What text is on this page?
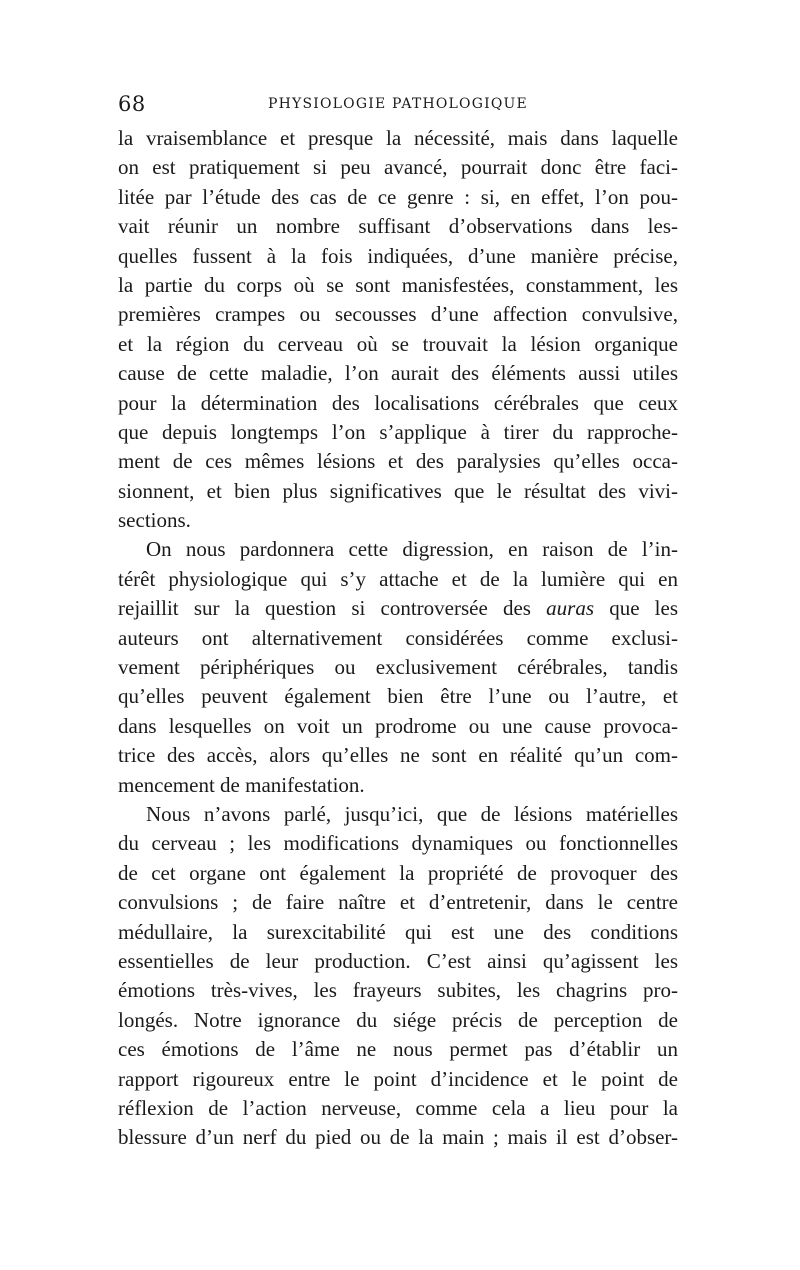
68	PHYSIOLOGIE PATHOLOGIQUE
la vraisemblance et presque la nécessité, mais dans laquelle
on est pratiquement si peu avancé, pourrait donc être faci-
litée par l’étude des cas de ce genre : si, en effet, l’on pou-
vait réunir un nombre suffisant d’observations dans les-
quelles fussent à la fois indiquées, d’une manière précise,
la partie du corps où se sont manisfestées, constamment, les
premières crampes ou secousses d’une affection convulsive,
et la région du cerveau où se trouvait la lésion organique
cause de cette maladie, l’on aurait des éléments aussi utiles
pour la détermination des localisations cérébrales que ceux
que depuis longtemps l’on s’applique à tirer du rapproche-
ment de ces mêmes lésions et des paralysies qu’elles occa-
sionnent, et bien plus significatives que le résultat des vivi-
sections.
On nous pardonnera cette digression, en raison de l’in-
térêt physiologique qui s’y attache et de la lumière qui en
rejaillit sur la question si controversée des auras que les
auteurs ont alternativement considérées comme exclusi-
vement périphériques ou exclusivement cérébrales, tandis
qu’elles peuvent également bien être l’une ou l’autre, et
dans lesquelles on voit un prodrome ou une cause provoca-
trice des accès, alors qu’elles ne sont en réalité qu’un com-
mencement de manifestation.
Nous n’avons parlé, jusqu’ici, que de lésions matérielles
du cerveau ; les modifications dynamiques ou fonctionnelles
de cet organe ont également la propriété de provoquer des
convulsions ; de faire naître et d’entretenir, dans le centre
médullaire, la surexcitabilité qui est une des conditions
essentielles de leur production. C’est ainsi qu’agissent les
émotions très-vives, les frayeurs subites, les chagrins pro-
longés. Notre ignorance du siége précis de perception de
ces émotions de l’âme ne nous permet pas d’établir un
rapport rigoureux entre le point d’incidence et le point de
réflexion de l’action nerveuse, comme cela a lieu pour la
blessure d’un nerf du pied ou de la main ; mais il est d’obser-
